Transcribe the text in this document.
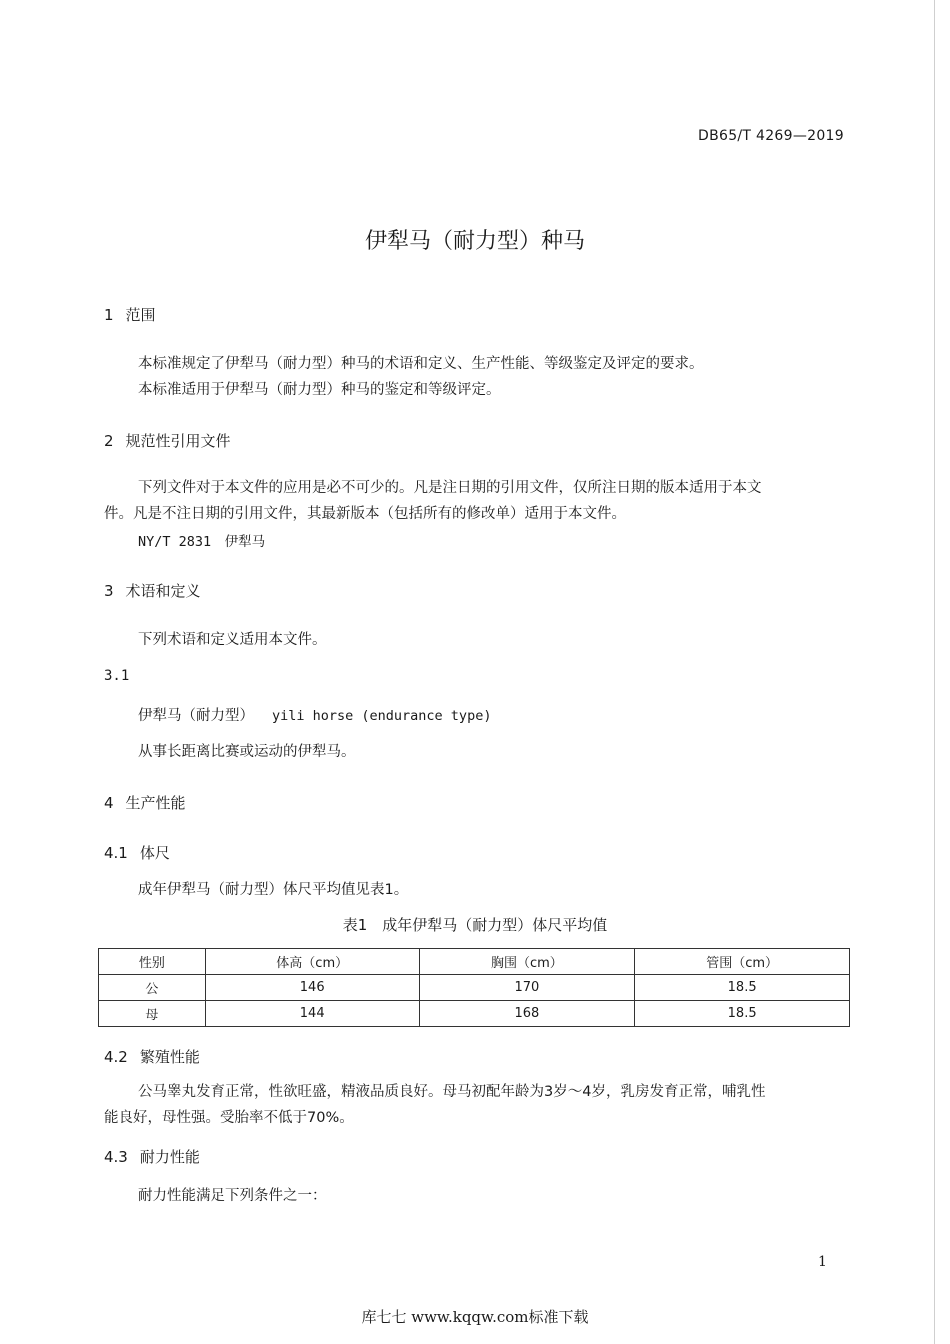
DB65/T 4269—2019
伊犁马（耐力型）种马
1 范围
本标准规定了伊犁马（耐力型）种马的术语和定义、生产性能、等级鉴定及评定的要求。
本标准适用于伊犁马（耐力型）种马的鉴定和等级评定。
2 规范性引用文件
下列文件对于本文件的应用是必不可少的。凡是注日期的引用文件，仅所注日期的版本适用于本文
件。凡是不注日期的引用文件，其最新版本（包括所有的修改单）适用于本文件。
NY/T 2831　伊犁马
3 术语和定义
下列术语和定义适用本文件。
3.1
伊犁马（耐力型） yili horse (endurance type)
从事长距离比赛或运动的伊犁马。
4 生产性能
4.1 体尺
成年伊犁马（耐力型）体尺平均值见表1。
表1　成年伊犁马（耐力型）体尺平均值
性别	体高（cm）	胸围（cm）	管围（cm）
公	146	170	18.5
母	144	168	18.5
4.2 繁殖性能
公马睾丸发育正常，性欲旺盛，精液品质良好。母马初配年龄为3岁～4岁，乳房发育正常，哺乳性
能良好，母性强。受胎率不低于70%。
4.3 耐力性能
耐力性能满足下列条件之一：
1
库七七 www.kqqw.com标准下载
